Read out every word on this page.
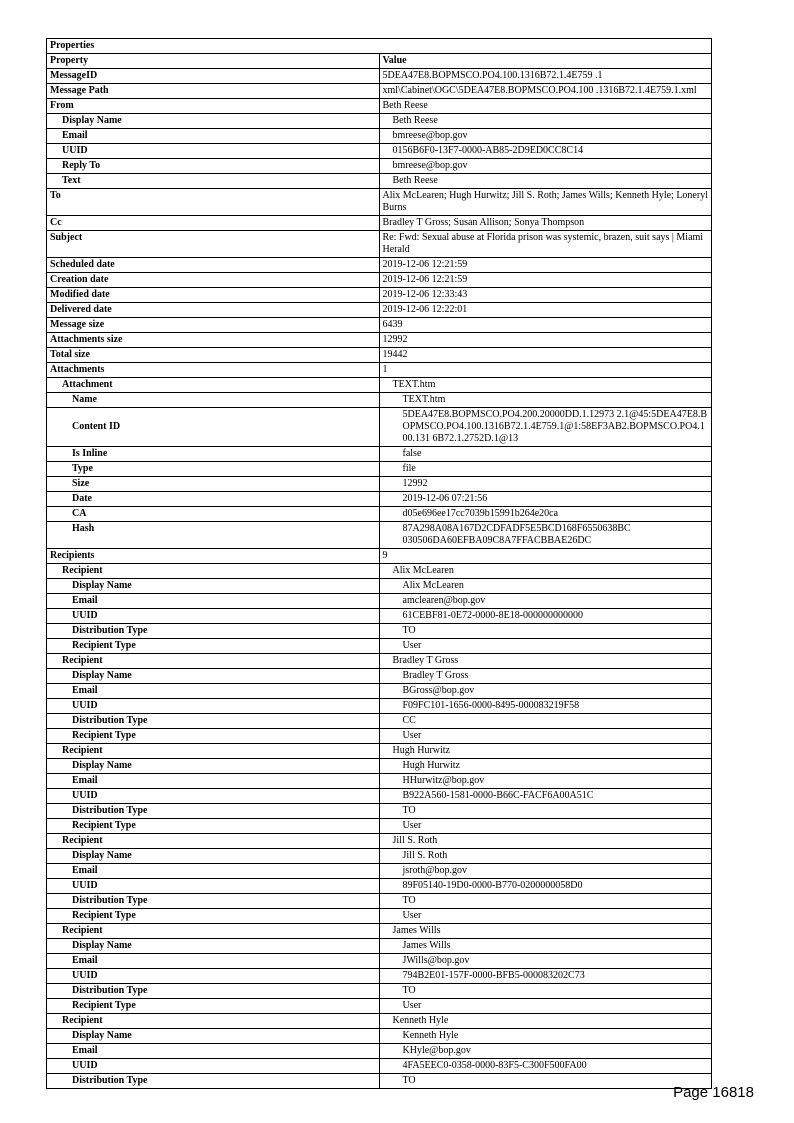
Properties	
Property	Value
MessageID	5DEA47E8.BOPMSCO.PO4.100.1316B72.1.4E759 .1
Message Path	xml\Cabinet\OGC\5DEA47E8.BOPMSCO.PO4.100 .1316B72.1.4E759.1.xml
From	Beth Reese
Display Name	Beth Reese
Email	bmreese@bop.gov
UUID	0156B6F0-13F7-0000-AB85-2D9ED0CC8C14
Reply To	bmreese@bop.gov
Text	Beth Reese
To	Alix McLearen; Hugh Hurwitz; Jill S. Roth; James Wills; Kenneth Hyle; Loneryl Burns
Cc	Bradley T Gross; Susan Allison; Sonya Thompson
Subject	Re: Fwd: Sexual abuse at Florida prison was systemic, brazen, suit says | Miami Herald
Scheduled date	2019-12-06 12:21:59
Creation date	2019-12-06 12:21:59
Modified date	2019-12-06 12:33:43
Delivered date	2019-12-06 12:22:01
Message size	6439
Attachments size	12992
Total size	19442
Attachments	1
Attachment	TEXT.htm
Name	TEXT.htm
Content ID	5DEA47E8.BOPMSCO.PO4.200.20000DD.1.12973 2.1@45:5DEA47E8.BOPMSCO.PO4.100.1316B72.1.4E759.1@1:58EF3AB2.BOPMSCO.PO4.100.131 6B72.1.2752D.1@13
Is Inline	false
Type	file
Size	12992
Date	2019-12-06 07:21:56
CA	d05e696ee17cc7039b15991b264e20ca
Hash	87A298A08A167D2CDFADF5E5BCD168F6550638BC 030506DA60EFBA09C8A7FFACBBAE26DC
Recipients	9
Recipient	Alix McLearen
Display Name	Alix McLearen
Email	amclearen@bop.gov
UUID	61CEBF81-0E72-0000-8E18-000000000000
Distribution Type	TO
Recipient Type	User
Recipient	Bradley T Gross
Display Name	Bradley T Gross
Email	BGross@bop.gov
UUID	F09FC101-1656-0000-8495-000083219F58
Distribution Type	CC
Recipient Type	User
Recipient	Hugh Hurwitz
Display Name	Hugh Hurwitz
Email	HHurwitz@bop.gov
UUID	B922A560-1581-0000-B66C-FACF6A00A51C
Distribution Type	TO
Recipient Type	User
Recipient	Jill S. Roth
Display Name	Jill S. Roth
Email	jsroth@bop.gov
UUID	89F05140-19D0-0000-B770-0200000058D0
Distribution Type	TO
Recipient Type	User
Recipient	James Wills
Display Name	James Wills
Email	JWills@bop.gov
UUID	794B2E01-157F-0000-BFB5-000083202C73
Distribution Type	TO
Recipient Type	User
Recipient	Kenneth Hyle
Display Name	Kenneth Hyle
Email	KHyle@bop.gov
UUID	4FA5EEC0-0358-0000-83F5-C300F500FA00
Distribution Type	TO
Page 16818
